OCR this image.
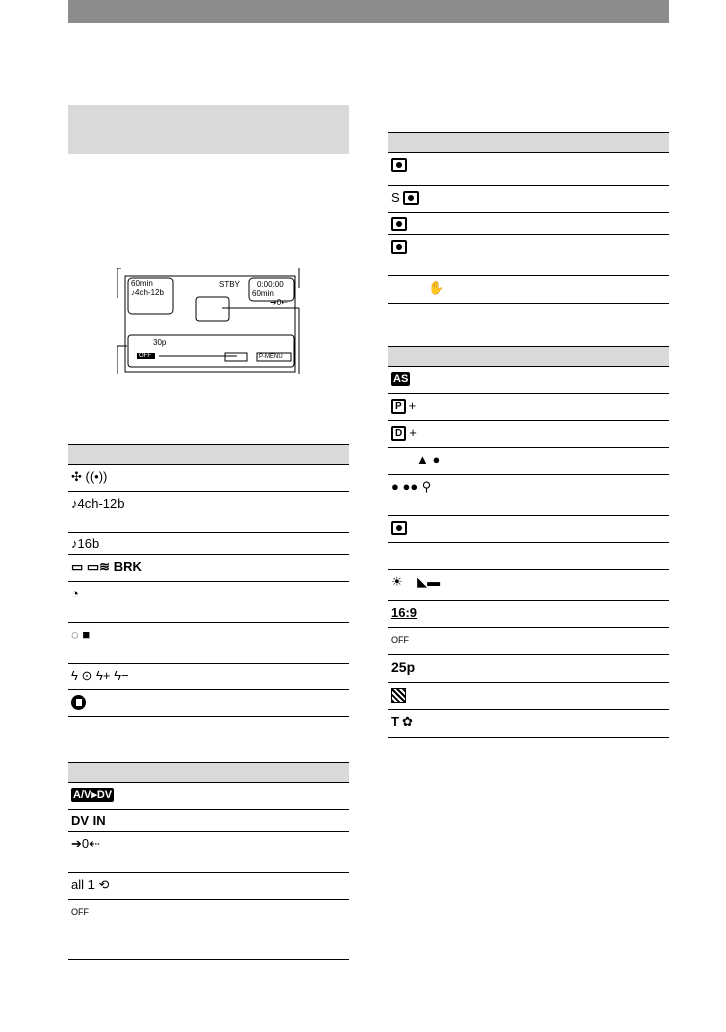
60min
♪4ch-12b
STBY 0:00:00
60min
➔0⇠
30p
OFF	P-MENU
✣ ((•))
♪4ch-12b
♪16b
▭ ▭≋ BRK
◔
◌ ■
ϟ ⊙ ϟ+ ϟ−
A/V▸DV
DV IN
➔0⇠
all 1 ⟲
OFF
S
✋
AS
P +
D +
▲ ●
● ●● ⚲
☀    ◣▬
16:9
OFF
25p
T ✿
